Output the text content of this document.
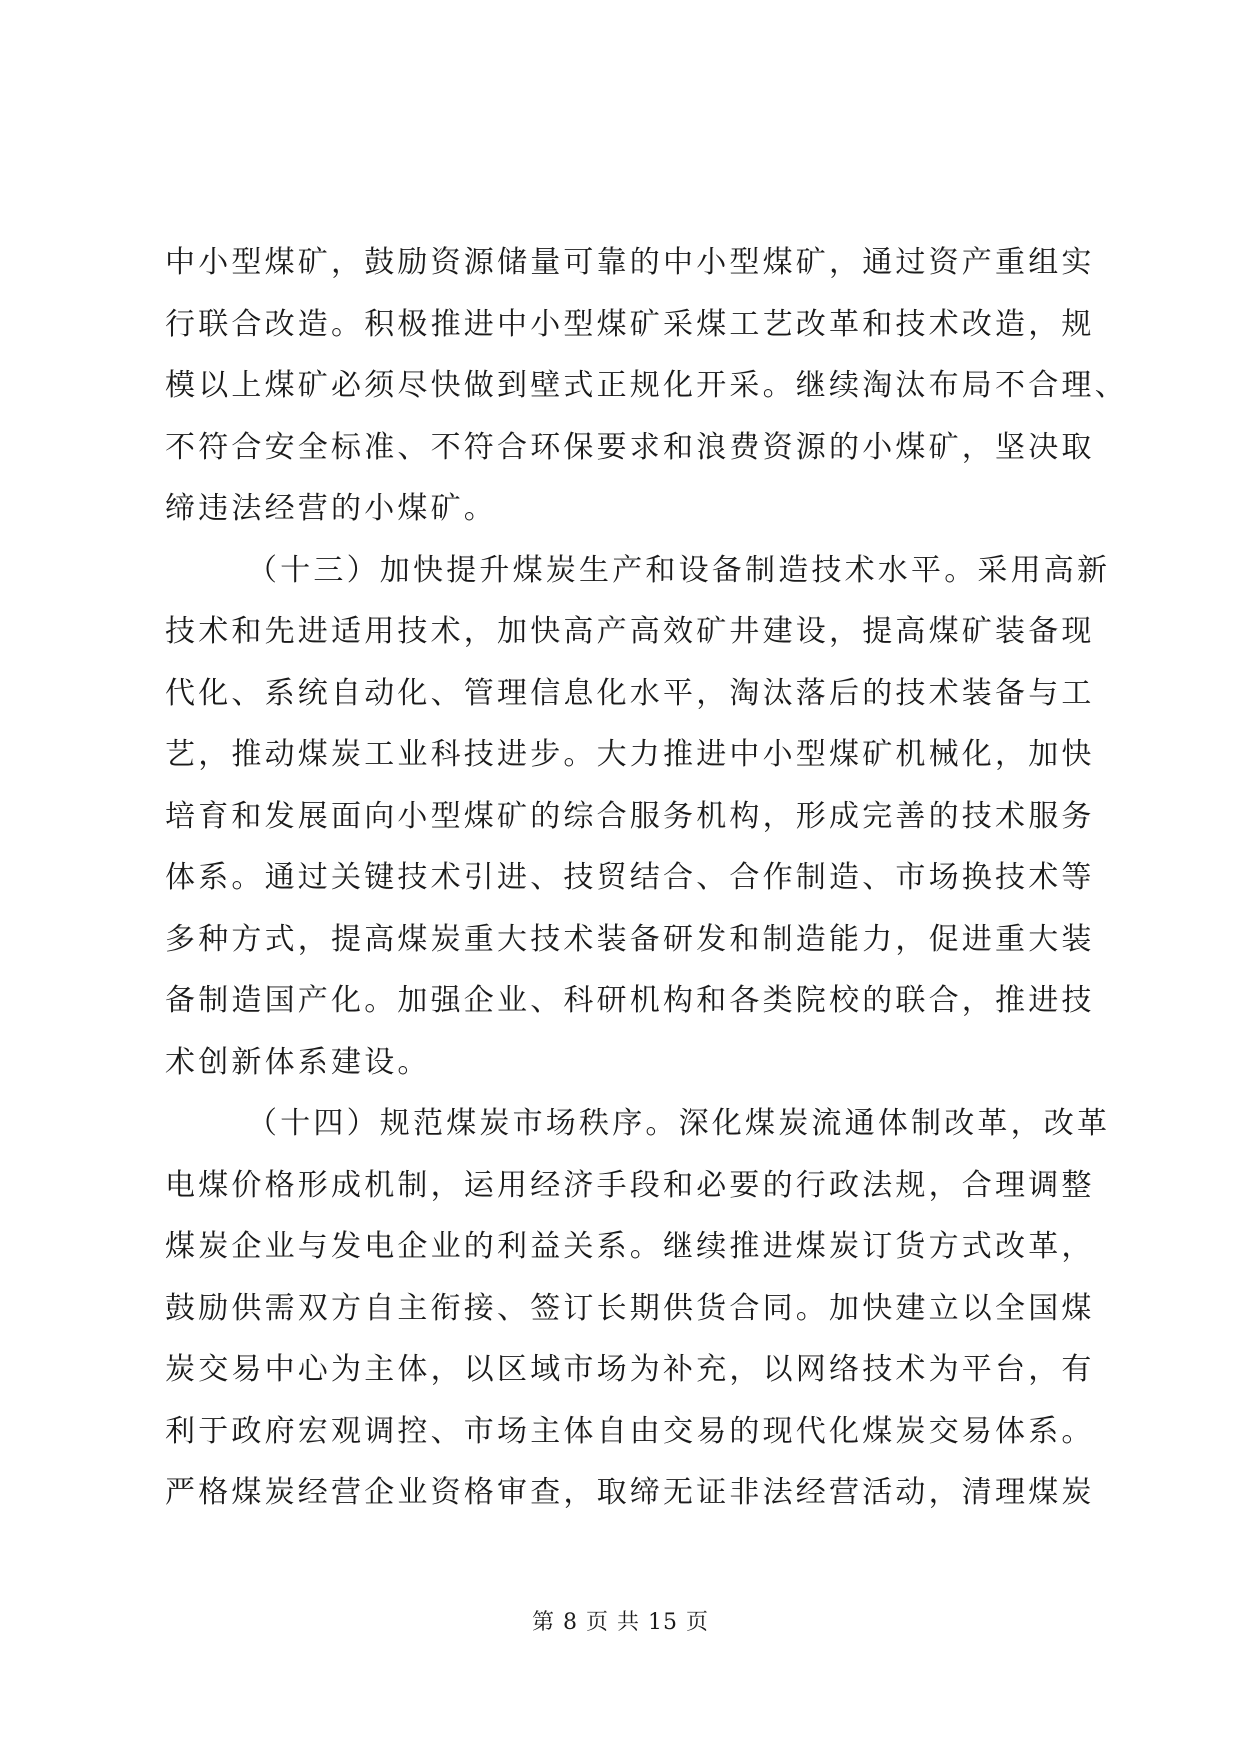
中小型煤矿，鼓励资源储量可靠的中小型煤矿，通过资产重组实
行联合改造。积极推进中小型煤矿采煤工艺改革和技术改造，规
模以上煤矿必须尽快做到壁式正规化开采。继续淘汰布局不合理、
不符合安全标准、不符合环保要求和浪费资源的小煤矿，坚决取
缔违法经营的小煤矿。
（十三）加快提升煤炭生产和设备制造技术水平。采用高新
技术和先进适用技术，加快高产高效矿井建设，提高煤矿装备现
代化、系统自动化、管理信息化水平，淘汰落后的技术装备与工
艺，推动煤炭工业科技进步。大力推进中小型煤矿机械化，加快
培育和发展面向小型煤矿的综合服务机构，形成完善的技术服务
体系。通过关键技术引进、技贸结合、合作制造、市场换技术等
多种方式，提高煤炭重大技术装备研发和制造能力，促进重大装
备制造国产化。加强企业、科研机构和各类院校的联合，推进技
术创新体系建设。
（十四）规范煤炭市场秩序。深化煤炭流通体制改革，改革
电煤价格形成机制，运用经济手段和必要的行政法规，合理调整
煤炭企业与发电企业的利益关系。继续推进煤炭订货方式改革，
鼓励供需双方自主衔接、签订长期供货合同。加快建立以全国煤
炭交易中心为主体，以区域市场为补充，以网络技术为平台，有
利于政府宏观调控、市场主体自由交易的现代化煤炭交易体系。
严格煤炭经营企业资格审查，取缔无证非法经营活动，清理煤炭
第 8 页 共 15 页
